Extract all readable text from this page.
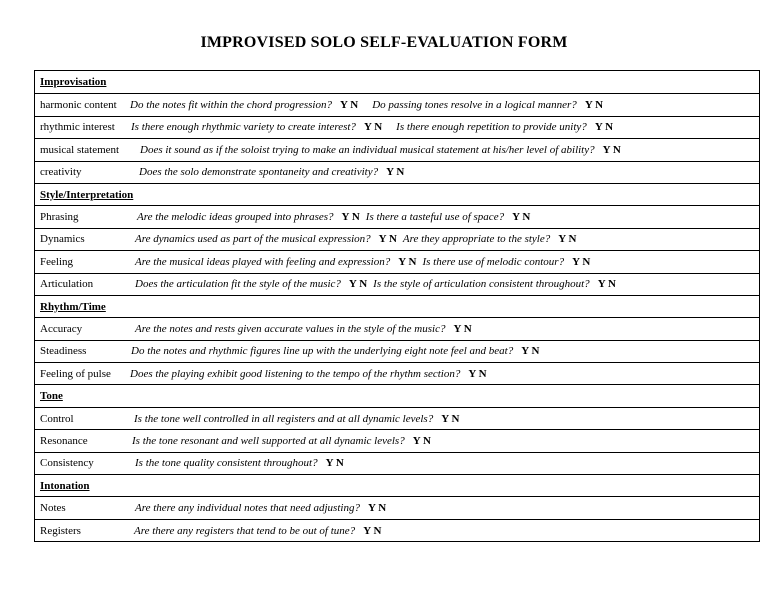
IMPROVISED SOLO SELF-EVALUATION FORM
Improvisation
harmonic content	Do the notes fit within the chord progression? Y N Do passing tones resolve in a logical manner? Y N
rhythmic interest	Is there enough rhythmic variety to create interest? Y N Is there enough repetition to provide unity? Y N
musical statement	Does it sound as if the soloist trying to make an individual musical statement at his/her level of ability? Y N
creativity	Does the solo demonstrate spontaneity and creativity? Y N
Style/Interpretation
Phrasing	Are the melodic ideas grouped into phrases? Y N Is there a tasteful use of space? Y N
Dynamics	Are dynamics used as part of the musical expression? Y N Are they appropriate to the style? Y N
Feeling	Are the musical ideas played with feeling and expression? Y N Is there use of melodic contour? Y N
Articulation	Does the articulation fit the style of the music? Y N Is the style of articulation consistent throughout? Y N
Rhythm/Time
Accuracy	Are the notes and rests given accurate values in the style of the music? Y N
Steadiness	Do the notes and rhythmic figures line up with the underlying eight note feel and beat? Y N
Feeling of pulse	Does the playing exhibit good listening to the tempo of the rhythm section? Y N
Tone
Control	Is the tone well controlled in all registers and at all dynamic levels? Y N
Resonance	Is the tone resonant and well supported at all dynamic levels? Y N
Consistency	Is the tone quality consistent throughout? Y N
Intonation
Notes	Are there any individual notes that need adjusting? Y N
Registers	Are there any registers that tend to be out of tune? Y N
